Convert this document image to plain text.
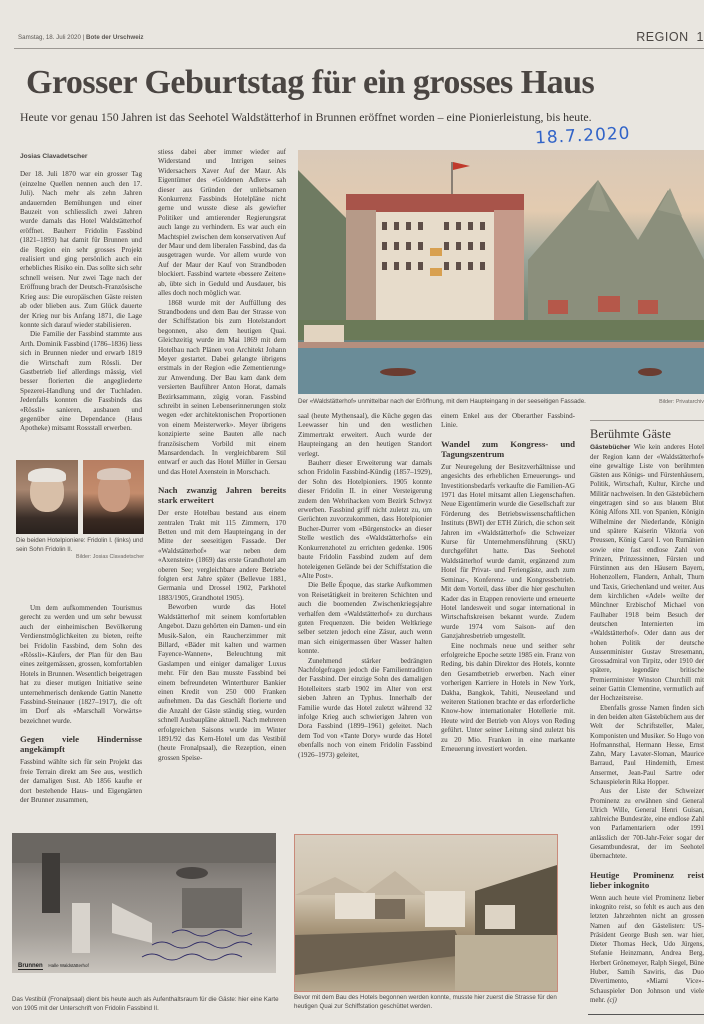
Samstag, 18. Juli 2020 | Bote der Urschweiz	REGION 1
Grosser Geburtstag für ein grosses Haus
Heute vor genau 150 Jahren ist das Seehotel Waldstätterhof in Brunnen eröffnet worden – eine Pionierleistung, bis heute.
18.7.2020
Josias Clavadetscher

Der 18. Juli 1870 war ein grosser Tag (einzelne Quellen nennen auch den 17. Juli). Nach mehr als zehn Jahren andauernden Bemühungen und einer Bauzeit von schliesslich zwei Jahren wurde damals das Hotel Waldstätterhof eröffnet. Bauherr Fridolin Fassbind (1821–1893) hat damit für Brunnen und die Region ein sehr grosses Projekt realisiert und ging persönlich auch ein erhebliches Risiko ein. Das sollte sich sehr schnell weisen. Nur zwei Tage nach der Eröffnung brach der Deutsch-Französische Krieg aus: Die europäischen Gäste reisten ab oder blieben aus. Zum Glück dauerte der Krieg nur bis Anfang 1871, die Lage konnte sich darauf wieder stabilisieren.

Die Familie der Fassbind stammte aus Arth. Dominik Fassbind (1786–1836) liess sich in Brunnen nieder und erwarb 1819 die Wirtschaft zum Rössli. Der Gastbetrieb lief allerdings mässig, viel besser florierten die angegliederte Spezerei-Handlung und der Tuchladen. Jedenfalls konnten die Fassbinds das «Rössli» sanieren, ausbauen und gegenüber eine Dependance (Haus Apotheke) mitsamt Rossstall erwerben.

Die beiden Hotelpioniere: Fridolin I. (links) und sein Sohn Fridolin II.
Bilder: Josias Clavadetscher

Um dem aufkommenden Tourismus gerecht zu werden und um sehr bewusst auch der einheimischen Bevölkerung Verdienstmöglichkeiten zu bieten, reifte bei Fridolin Fassbind, dem Sohn des «Rössli»-Käufers, der Plan für den Bau eines zeitgemässen, grossen, komfortablen Hotels in Brunnen. Wesentlich beigetragen hat zu dieser mutigen Initiative seine unternehmerisch denkende Gattin Nanette Fassbind-Steinauer (1827–1917), die oft im Dorf als «Marschall Vorwärts» bezeichnet wurde.

Gegen viele Hindernisse angekämpft

Fassbind wählte sich für sein Projekt das freie Terrain direkt am See aus, westlich der damaligen Sust. Ab 1856 kaufte er dort bestehende Haus- und Eigengärten der Brunner zusammen,

stiess dabei aber immer wieder auf Widerstand und Intrigen seines Widersachers Xaver Auf der Maur. Als Eigentümer des «Goldenen Adlers» sah dieser aus Gründen der unliebsamen Konkurrenz Fassbinds Hotelpläne nicht gerne und wusste diese als gewiefter Politiker und amtierender Regierungsrat auch lange zu verhindern. Es war auch ein Machtspiel zwischen dem konservativen Auf der Maur und dem liberalen Fassbind, das da ausgetragen wurde. Vor allem wurde von Auf der Maur der Kauf von Strandboden blockiert. Fassbind wartete «bessere Zeiten» ab, übte sich in Geduld und Ausdauer, bis alles doch noch möglich war.

1868 wurde mit der Auffüllung des Strandbodens und dem Bau der Strasse von der Schiffstation bis zum Hotelstandort begonnen, also dem heutigen Quai. Gleichzeitig wurde im Mai 1869 mit dem Hotelbau nach Plänen von Architekt Johann Meyer gestartet. Dabei gelangte übrigens erstmals in der Region «die Zementierung» zur Anwendung. Der Bau kam dank dem versierten Bauführer Anton Horat, damals Bezirksammann, zügig voran. Fassbind schreibt in seinen Lebenserinnerungen stolz wegen «der architektonischen Proportionen von einem Meisterwerk». Meyer übrigens konzipierte seine Bauten alle nach französischem Vorbild mit einem Mansardendach. In vergleichbarem Stil entwarf er auch das Hotel Müller in Gersau und das Hotel Axenstein in Morschach.

Nach zwanzig Jahren bereits stark erweitert

Der erste Hotelbau bestand aus einem zentralen Trakt mit 115 Zimmern, 170 Betten und mit dem Haupteingang in der Mitte der seeseitigen Fassade. Der «Waldstätterhof» war neben dem «Axenstein» (1869) das erste Grandhotel am oberen See; vergleichbare andere Betriebe folgten erst Jahre später (Bellevue 1881, Germania und Drossel 1902, Parkhotel 1883/1905, Grandhotel 1905).

Beworben wurde das Hotel Waldstätterhof mit seinem komfortablen Angebot. Dazu gehörten ein Damen- und ein Musik-Salon, ein Raucherzimmer mit Billard, «Bäder mit kalten und warmen Fayence-Wannen», Beleuchtung mit Gaslampen und einiger damaliger Luxus mehr. Für den Bau musste Fassbind bei einem befreundeten Winterthurer Bankier einen Kredit von 250 000 Franken aufnehmen. Da das Geschäft florierte und die Anzahl der Gäste ständig stieg, wurden schnell Ausbaupläne aktuell. Nach mehreren erfolgreichen Saisons wurde im Winter 1891/92 das Kern-Hotel um das Vestibül (heute Fronalpsaal), die Rezeption, einen grossen Speise-

Der «Waldstätterhof» unmittelbar nach der Eröffnung, mit dem Haupteingang in der seeseitigen Fassade.	Bilder: Privatarchiv

saal (heute Mythensaal), die Küche gegen das Leewasser hin und den westlichen Zimmertrakt erweitert. Auch wurde der Haupteingang an den heutigen Standort verlegt.

Bauherr dieser Erweiterung war damals schon Fridolin Fassbind-Kündig (1857–1929), der Sohn des Hotelpioniers. 1905 konnte dieser Fridolin II. in einer Versteigerung zudem den Wehrihacken vom Bezirk Schwyz erwerben. Fassbind griff nicht zuletzt zu, um Gerüchten zuvorzukommen, dass Hotelpionier Bucher-Durrer vom «Bürgenstock» an dieser Stelle westlich des «Waldstätterhofs» ein Konkurrenzhotel zu errichten gedenke. 1906 baute Fridolin Fassbind zudem auf dem hoteleigenen Gelände bei der Schiffstation die «Alte Post».

Die Belle Époque, das starke Aufkommen von Reisetätigkeit in breiteren Schichten und auch die boomenden Zwischenkriegsjahre verhalfen dem «Waldstätterhof» zu durchaus guten Frequenzen. Die beiden Weltkriege selber setzten jedoch eine Zäsur, auch wenn man sich einigermassen über Wasser halten konnte.

Zunehmend stärker bedrängten Nachfolgefragen jedoch die Familientradition der Fassbind. Der einzige Sohn des damaligen Hotelleiters starb 1902 im Alter von erst sieben Jahren an Typhus. Innerhalb der Familie wurde das Hotel zuletzt während 32 infolge Krieg auch schwierigen Jahren von Dora Fassbind (1899–1961) geleitet. Nach dem Tod von «Tante Dory» wurde das Hotel ebenfalls noch von einem Fridolin Fassbind (1926–1973) geleitet,

einem Enkel aus der Oberarther Fassbind-Linie.

Wandel zum Kongress- und Tagungszentrum

Zur Neuregelung der Besitzverhältnisse und angesichts des erheblichen Erneuerungs- und Investitionsbedarfs verkaufte die Familien-AG 1971 das Hotel mitsamt allen Liegenschaften. Neue Eigentümerin wurde die Gesellschaft zur Förderung des Betriebswissenschaftlichen Instituts (BWI) der ETH Zürich, die schon seit Jahren im «Waldstätterhof» die Schweizer Kurse für Unternehmensführung (SKU) durchgeführt hatte. Das Seehotel Waldstätterhof wurde damit, ergänzend zum Hotel für Privat- und Feriengäste, auch zum Seminar-, Konferenz- und Kongressbetrieb. Mit dem Vorteil, dass über die hier geschulten Kader das in Etappen renovierte und erneuerte Hotel landesweit und sogar international in Wirtschaftskreisen bekannt wurde. Zudem wurde 1974 vom Saison- auf den Ganzjahresbetrieb umgestellt.

Eine nochmals neue und seither sehr erfolgreiche Epoche setzte 1985 ein. Franz von Reding, bis dahin Direktor des Hotels, konnte den Gesamtbetrieb erwerben. Nach einer vorherigen Karriere in Hotels in New York, Dakha, Bangkok, Tahiti, Neuseeland und weiteren Stationen brachte er das erforderliche Know-how internationaler Hotellerie mit. Heute wird der Betrieb von Aloys von Reding geführt. Unter seiner Leitung sind zuletzt bis zu 20 Mio. Franken in eine markante Erneuerung investiert worden.

Berühmte Gäste

Gästebücher Wie kein anderes Hotel der Region kann der «Waldstätterhof» eine gewaltige Liste von berühmten Gästen aus Königs- und Fürstenhäusern, Politik, Wirtschaft, Kultur, Kirche und Militär nachweisen. In den Gästebüchern eingetragen sind so aus blauem Blut König Alfons XII. von Spanien, Königin Wilhelmine der Niederlande, Königin und spätere Kaiserin Viktoria von Preussen, König Carol I. von Rumänien sowie eine fast endlose Zahl von Prinzen, Prinzessinnen, Fürsten und Fürstinnen aus den Häusern Bayern, Hohenzollern, Flandern, Anhalt, Thurn und Taxis, Griechenland und weiter. Aus dem kirchlichen «Adel» weilte der Münchner Erzbischof Michael von Faulhaber 1918 beim Besuch der deutschen Internierten im «Waldstätterhof». Oder dann aus der hohen Politik der deutsche Aussenminister Gustav Stresemann, Grossadmiral von Tirpitz, oder 1910 der spätere, legendäre britische Premierminister Winston Churchill mit seiner Gattin Clementine, vermutlich auf der Hochzeitsreise.

Ebenfalls grosse Namen finden sich in den beiden alten Gästebüchern aus der Welt der Schriftsteller, Maler, Komponisten und Musiker. So Hugo von Hofmannsthal, Hermann Hesse, Ernst Zahn, Mary Lavater-Sloman, Maurice Barraud, Paul Hindemith, Ernest Ansermet, Jean-Paul Sartre oder Schauspielerin Rika Hopper.

Aus der Liste der Schweizer Prominenz zu erwähnen sind General Ulrich Wille, General Henri Guisan, zahlreiche Bundesräte, eine endlose Zahl von Parlamentariern oder 1991 anlässlich der 700-Jahr-Feier sogar der Gesamtbundesrat, der im Seehotel übernachtete.

Heutige Prominenz reist lieber inkognito

Wenn auch heute viel Prominenz lieber inkognito reist, so fehlt es auch aus den letzten Jahrzehnten nicht an grossen Namen auf den Gästelisten: US-Präsident George Bush sen. war hier, Dieter Thomas Heck, Udo Jürgens, Stefanie Heinzmann, Andrea Berg, Herbert Grönemeyer, Ralph Siegel, Büne Huber, Samih Sawiris, das Duo Divertimento, «Miami Vice»-Schauspieler Don Johnson und viele mehr. (cj)

Brunnen Halle Waldstätterhof
Das Vestibül (Fronalpsaal) dient bis heute auch als Aufenthaltsraum für die Gäste: hier eine Karte von 1905 mit der Unterschrift von Fridolin Fassbind II.
Bevor mit dem Bau des Hotels begonnen werden konnte, musste hier zuerst die Strasse für den heutigen Quai zur Schiffstation geschüttet werden.
